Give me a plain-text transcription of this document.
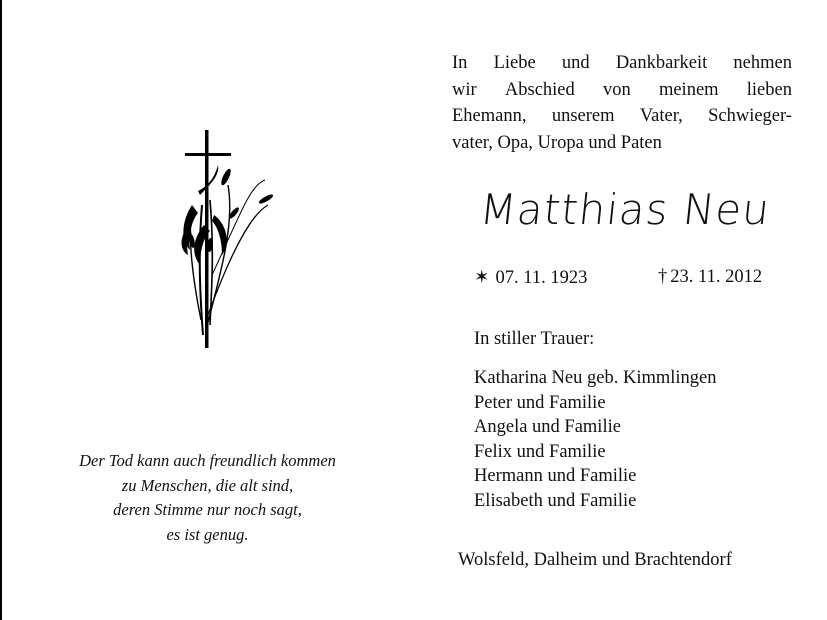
Der Tod kann auch freundlich kommen
zu Menschen, die alt sind,
deren Stimme nur noch sagt,
es ist genug.
In Liebe und Dankbarkeit nehmen
wir Abschied von meinem lieben
Ehemann, unserem Vater, Schwieger-
vater, Opa, Uropa und Paten
Matthias Neu
✶ 07. 11. 1923	† 23. 11. 2012
In stiller Trauer:
Katharina Neu geb. Kimmlingen
Peter und Familie
Angela und Familie
Felix und Familie
Hermann und Familie
Elisabeth und Familie
Wolsfeld, Dalheim und Brachtendorf
